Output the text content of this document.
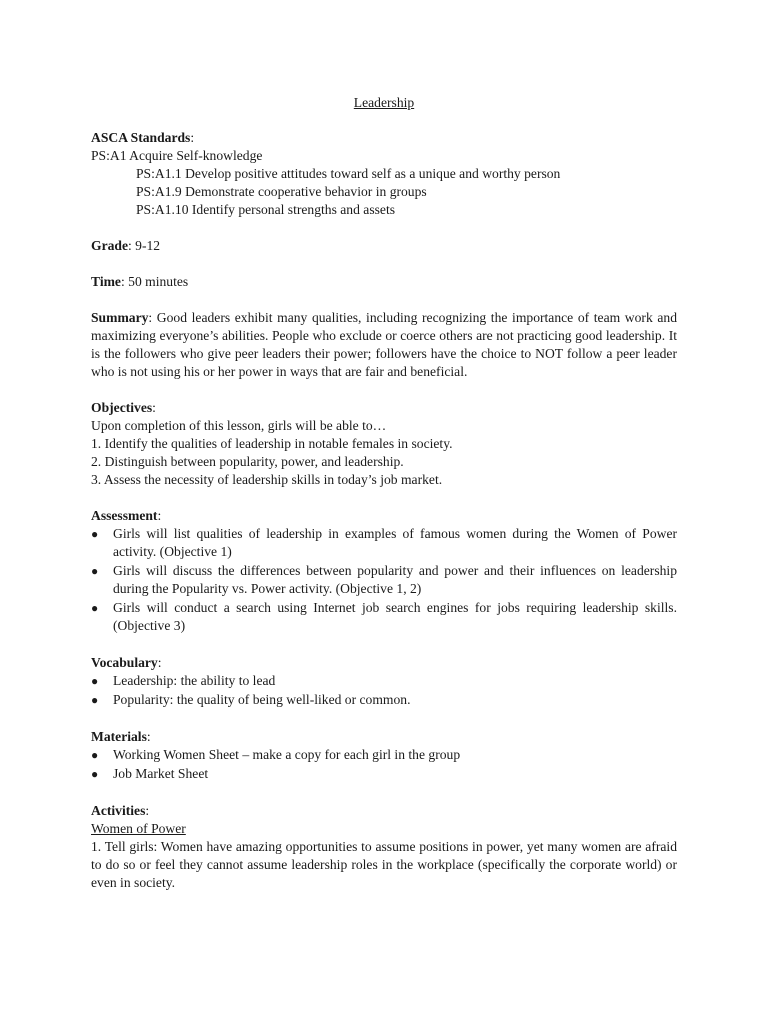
Leadership

ASCA Standards:

PS:A1 Acquire Self-knowledge

PS:A1.1 Develop positive attitudes toward self as a unique and worthy person

PS:A1.9 Demonstrate cooperative behavior in groups

PS:A1.10 Identify personal strengths and assets

Grade: 9-12

Time: 50 minutes

Summary: Good leaders exhibit many qualities, including recognizing the importance of team work and maximizing everyone’s abilities. People who exclude or coerce others are not practicing good leadership. It is the followers who give peer leaders their power; followers have the choice to NOT follow a peer leader who is not using his or her power in ways that are fair and beneficial.

Objectives:

Upon completion of this lesson, girls will be able to…

1. Identify the qualities of leadership in notable females in society.

2. Distinguish between popularity, power, and leadership.

3. Assess the necessity of leadership skills in today’s job market.

Assessment:

● Girls will list qualities of leadership in examples of famous women during the Women of Power activity. (Objective 1)
● Girls will discuss the differences between popularity and power and their influences on leadership during the Popularity vs. Power activity. (Objective 1, 2)
● Girls will conduct a search using Internet job search engines for jobs requiring leadership skills. (Objective 3)

Vocabulary:

● Leadership: the ability to lead
● Popularity: the quality of being well-liked or common.

Materials:

● Working Women Sheet – make a copy for each girl in the group
● Job Market Sheet

Activities:

Women of Power

1. Tell girls: Women have amazing opportunities to assume positions in power, yet many women are afraid to do so or feel they cannot assume leadership roles in the workplace (specifically the corporate world) or even in society.
